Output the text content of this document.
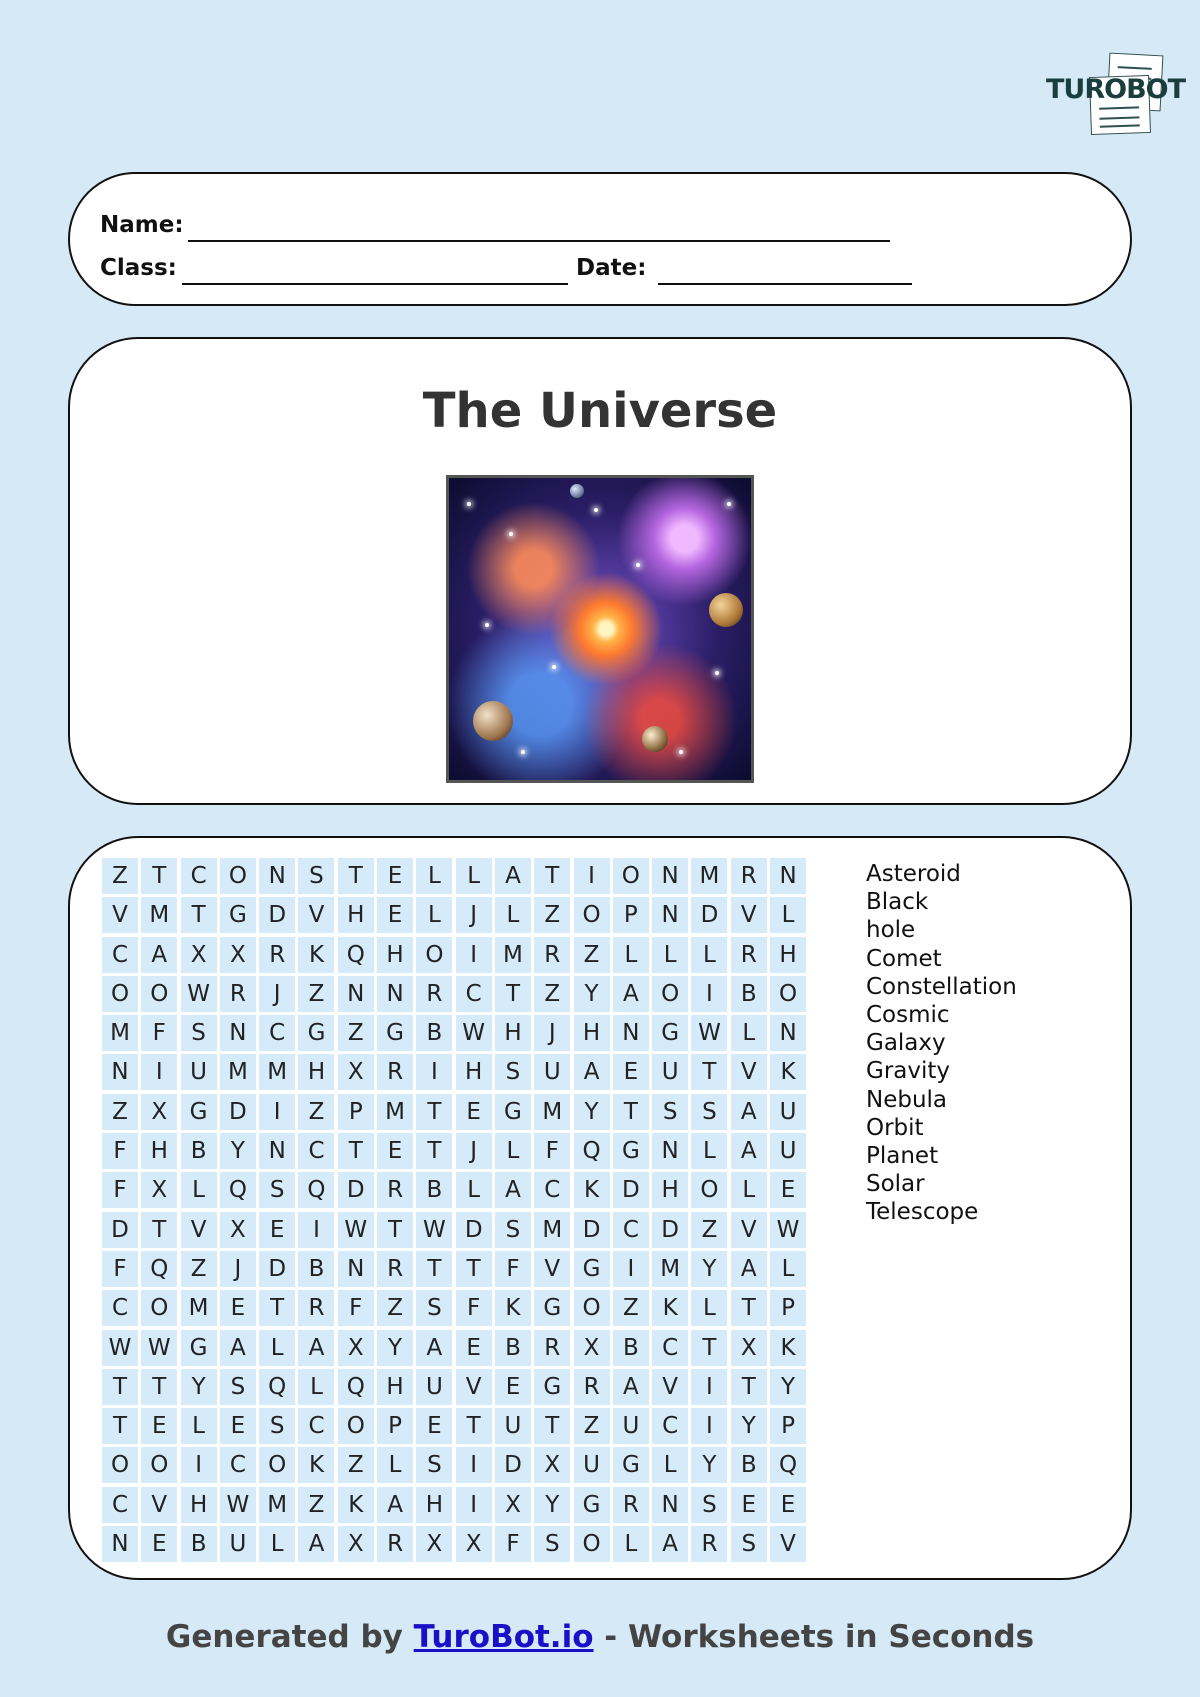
TUROBOT
Name:
Class:	Date:
The Universe
Z	T	C O N	S	T	E	L	L	A	T	I	O N M R N
V M T	G D V H	E	L	J	L	Z O	P	N D V	L
C	A	X	X	R	K Q H O	I	M R	Z	L	L	L	R H
O O W R	J	Z N N R	C	T	Z	Y	A O	I	B O
M F	S	N C G Z G B W H	J	H N G W L	N
N	I	U M M H X	R	I	H	S	U	A	E	U	T	V	K
Z	X G D	I	Z	P M T	E	G M Y	T	S	S	A	U
F	H B	Y	N C	T	E	T	J	L	F	Q G N	L	A	U
F	X	L	Q S Q D R	B	L	A	C	K D H O	L	E
D	T	V	X	E	I	W T W D	S M D C D Z	V W
F	Q Z	J	D B N R	T	T	F	V G	I	M Y	A	L
C O M E	T	R	F	Z	S	F	K G O Z	K	L	T	P
W W G A	L	A	X	Y	A	E	B	R	X	B	C	T	X	K
T	T	Y	S Q	L	Q H U	V	E	G R	A	V	I	T	Y
T	E	L	E	S	C O	P	E	T	U	T	Z	U C	I	Y	P
O O	I	C O K	Z	L	S	I	D X	U G	L	Y	B Q
C	V H W M Z	K	A H	I	X	Y	G R N	S	E	E
N	E	B U	L	A	X	R	X	X	F	S O	L	A	R	S	V
Asteroid
Black
hole
Comet
Constellation
Cosmic
Galaxy
Gravity
Nebula
Orbit
Planet
Solar
Telescope
Generated by TuroBot.io - Worksheets in Seconds
